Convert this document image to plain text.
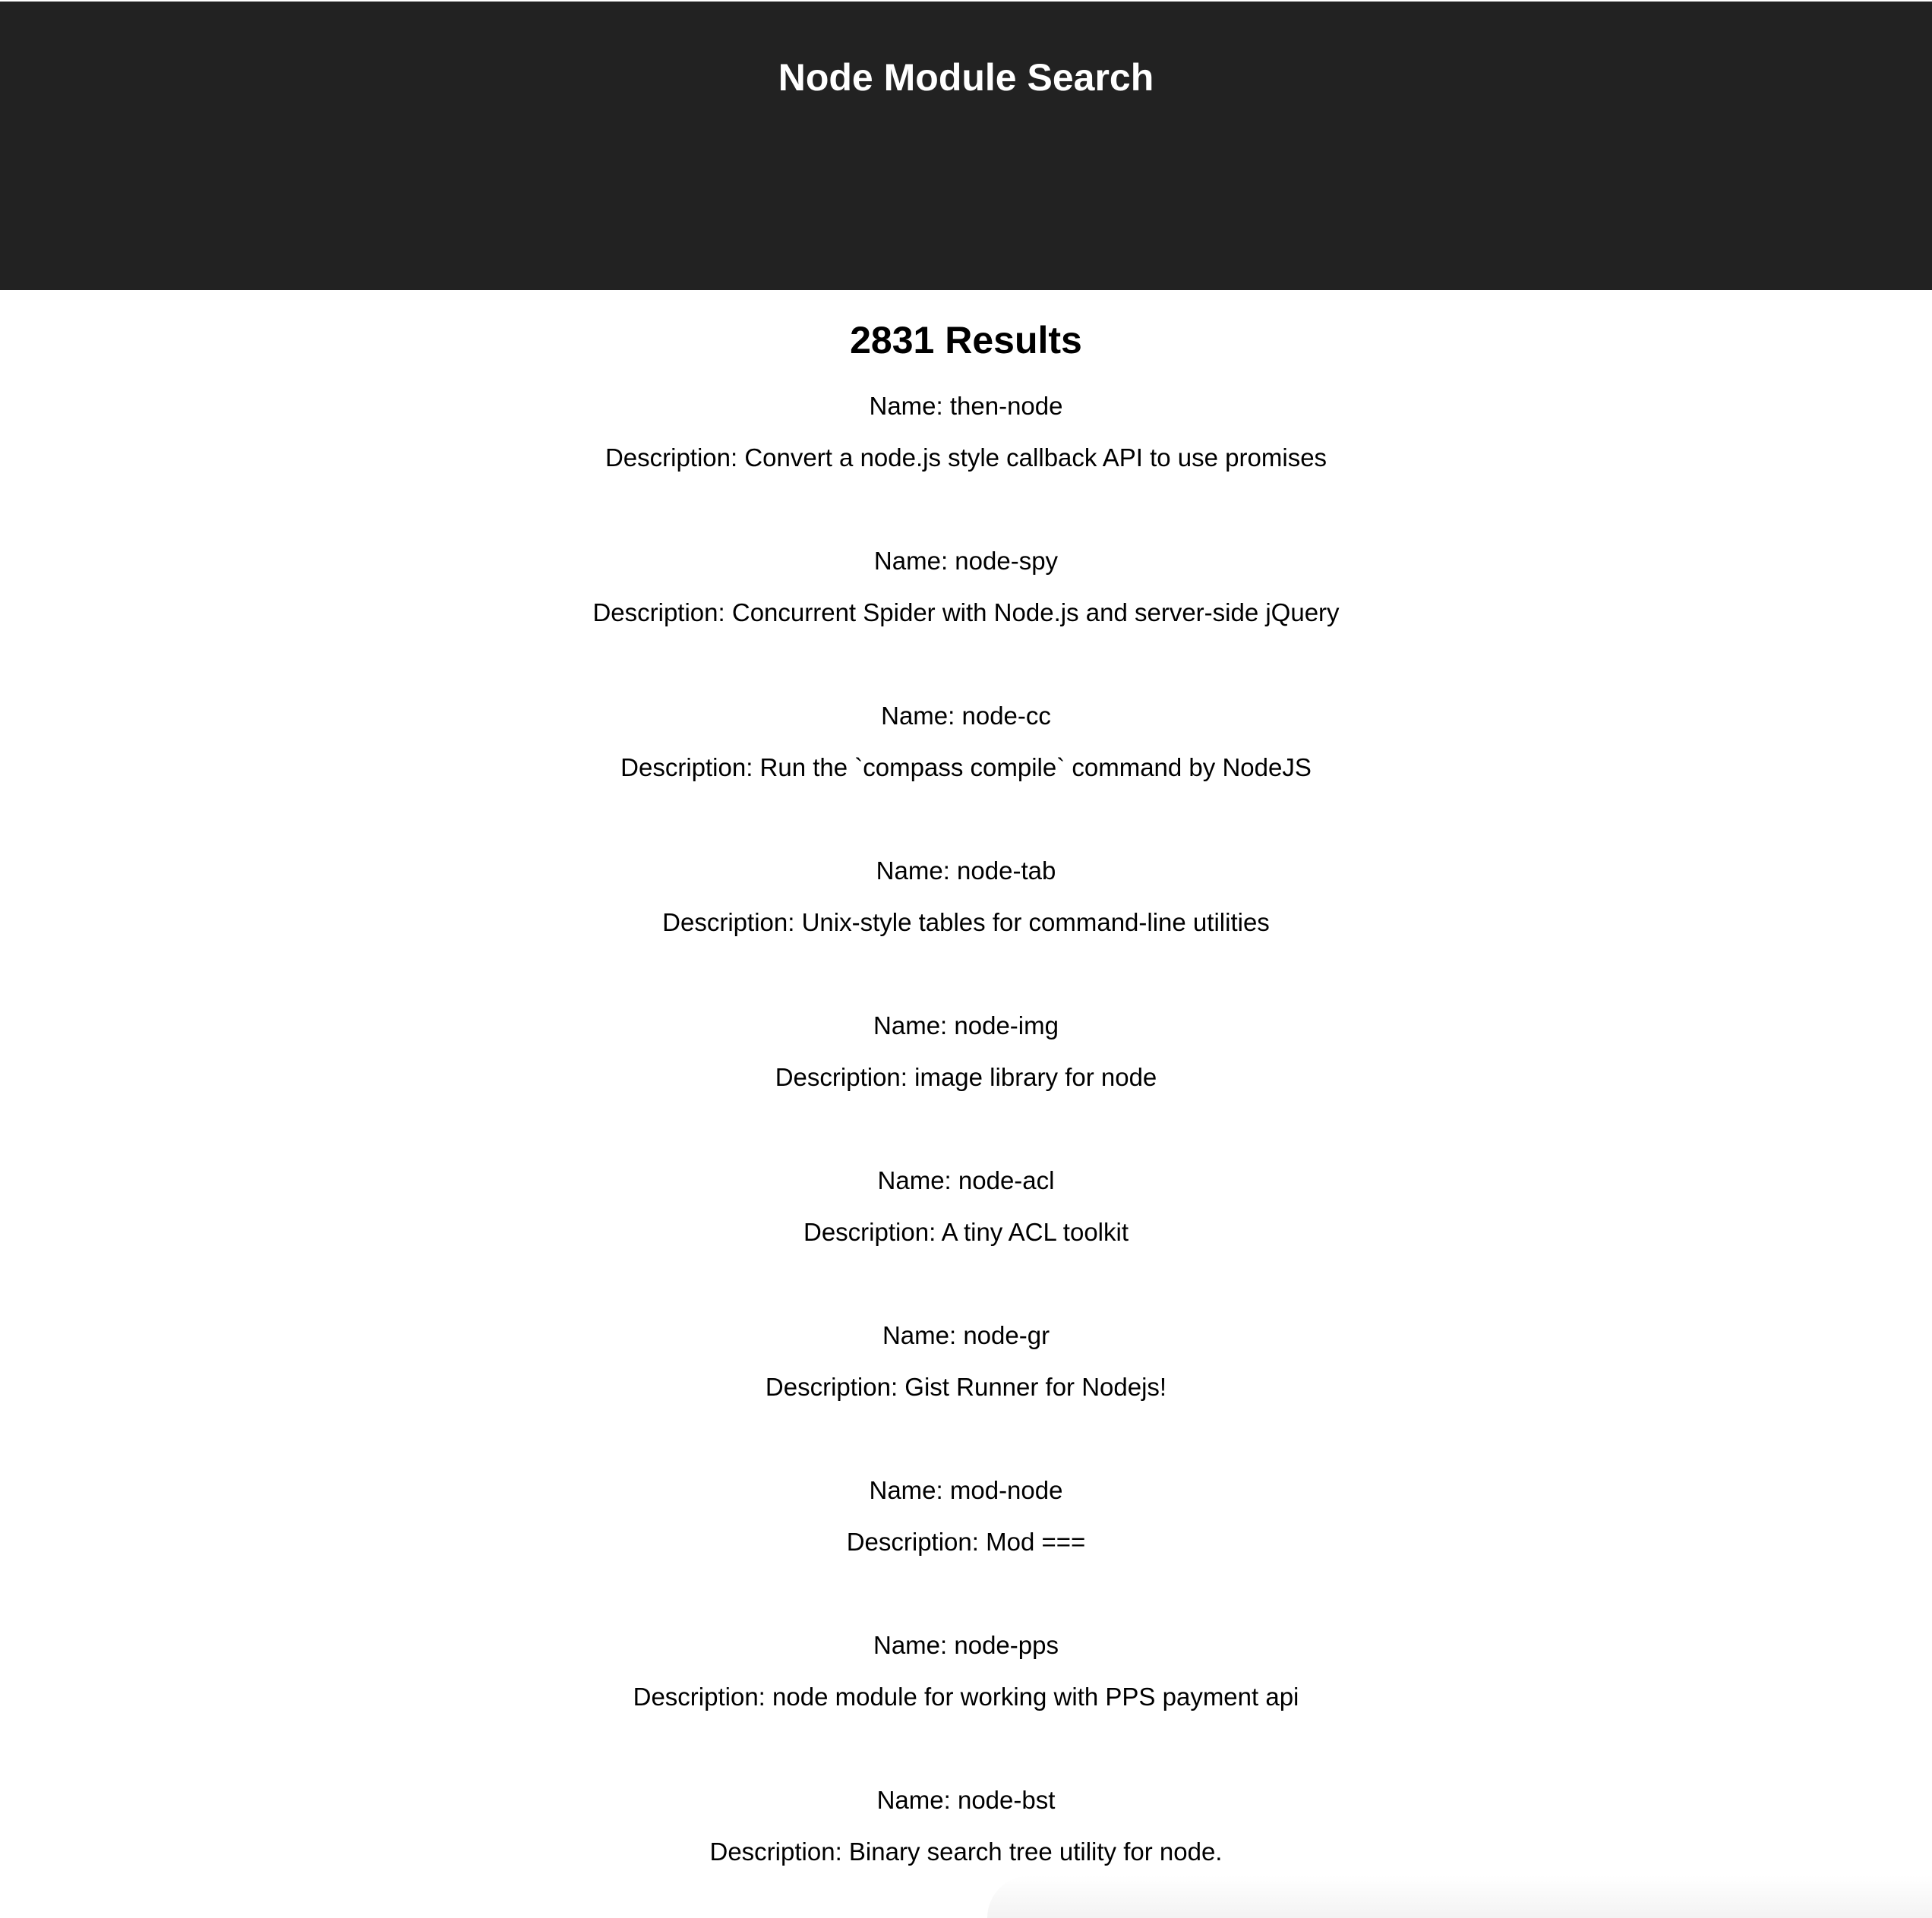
Node Module Search
2831 Results

Name: then-node

Description: Convert a node.js style callback API to use promises

Name: node-spy

Description: Concurrent Spider with Node.js and server-side jQuery

Name: node-cc

Description: Run the `compass compile` command by NodeJS

Name: node-tab

Description: Unix-style tables for command-line utilities

Name: node-img

Description: image library for node

Name: node-acl

Description: A tiny ACL toolkit

Name: node-gr

Description: Gist Runner for Nodejs!

Name: mod-node

Description: Mod ===

Name: node-pps

Description: node module for working with PPS payment api

Name: node-bst

Description: Binary search tree utility for node.
